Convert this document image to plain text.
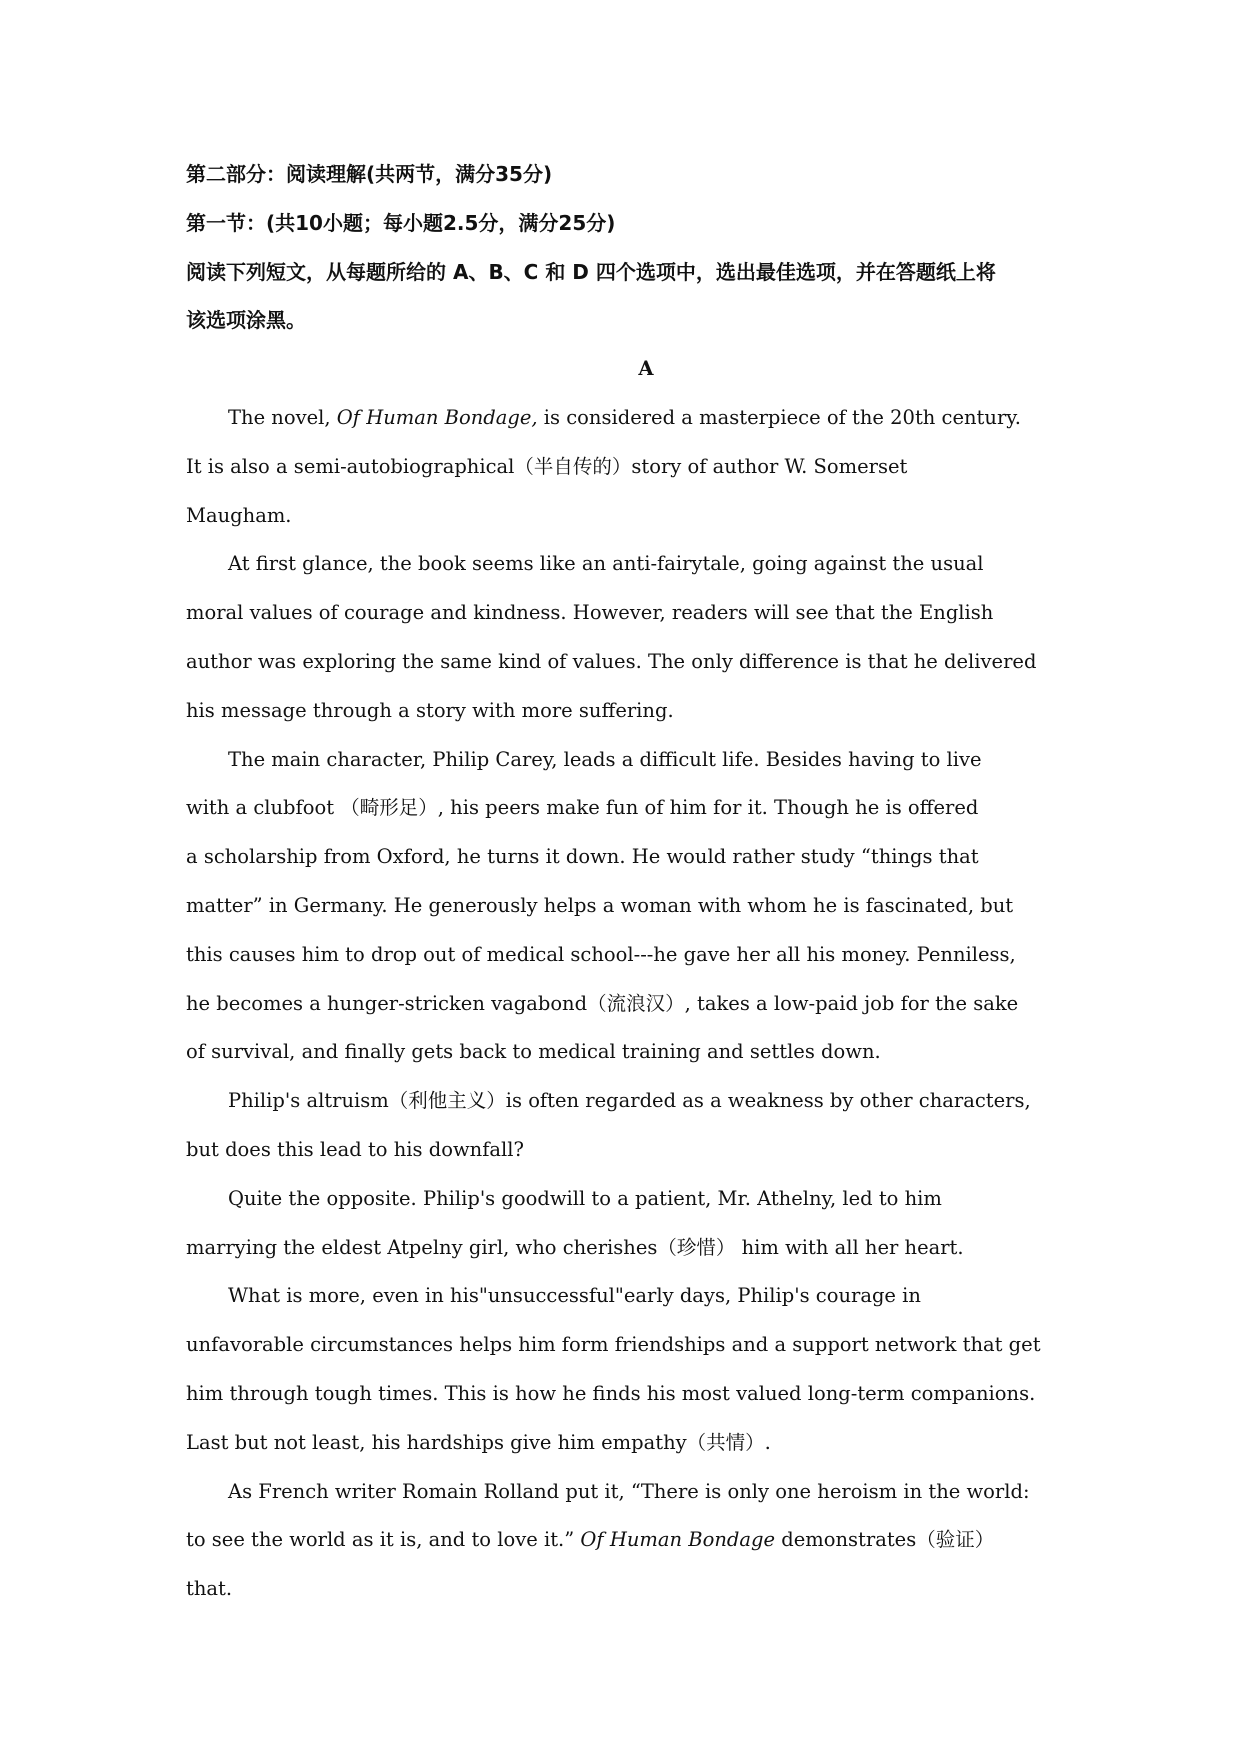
第二部分：阅读理解(共两节，满分35分)
第一节：(共10小题；每小题2.5分，满分25分)
阅读下列短文，从每题所给的 A、B、C 和 D 四个选项中，选出最佳选项，并在答题纸上将
该选项涂黑。
A
The novel, Of Human Bondage, is considered a masterpiece of the 20th century.
It is also a semi-autobiographical（半自传的）story of author W. Somerset
Maugham.
At first glance, the book seems like an anti-fairytale, going against the usual
moral values of courage and kindness. However, readers will see that the English
author was exploring the same kind of values. The only difference is that he delivered
his message through a story with more suffering.
The main character, Philip Carey, leads a difficult life. Besides having to live
with a clubfoot （畸形足）, his peers make fun of him for it. Though he is offered
a scholarship from Oxford, he turns it down. He would rather study “things that
matter” in Germany. He generously helps a woman with whom he is fascinated, but
this causes him to drop out of medical school---he gave her all his money. Penniless,
he becomes a hunger-stricken vagabond（流浪汉）, takes a low-paid job for the sake
of survival, and finally gets back to medical training and settles down.
Philip's altruism（利他主义）is often regarded as a weakness by other characters,
but does this lead to his downfall?
Quite the opposite. Philip's goodwill to a patient, Mr. Athelny, led to him
marrying the eldest Atpelny girl, who cherishes（珍惜） him with all her heart.
What is more, even in his"unsuccessful"early days, Philip's courage in
unfavorable circumstances helps him form friendships and a support network that get
him through tough times. This is how he finds his most valued long-term companions.
Last but not least, his hardships give him empathy（共情）.
As French writer Romain Rolland put it, “There is only one heroism in the world:
to see the world as it is, and to love it.” Of Human Bondage demonstrates（验证）
that.
